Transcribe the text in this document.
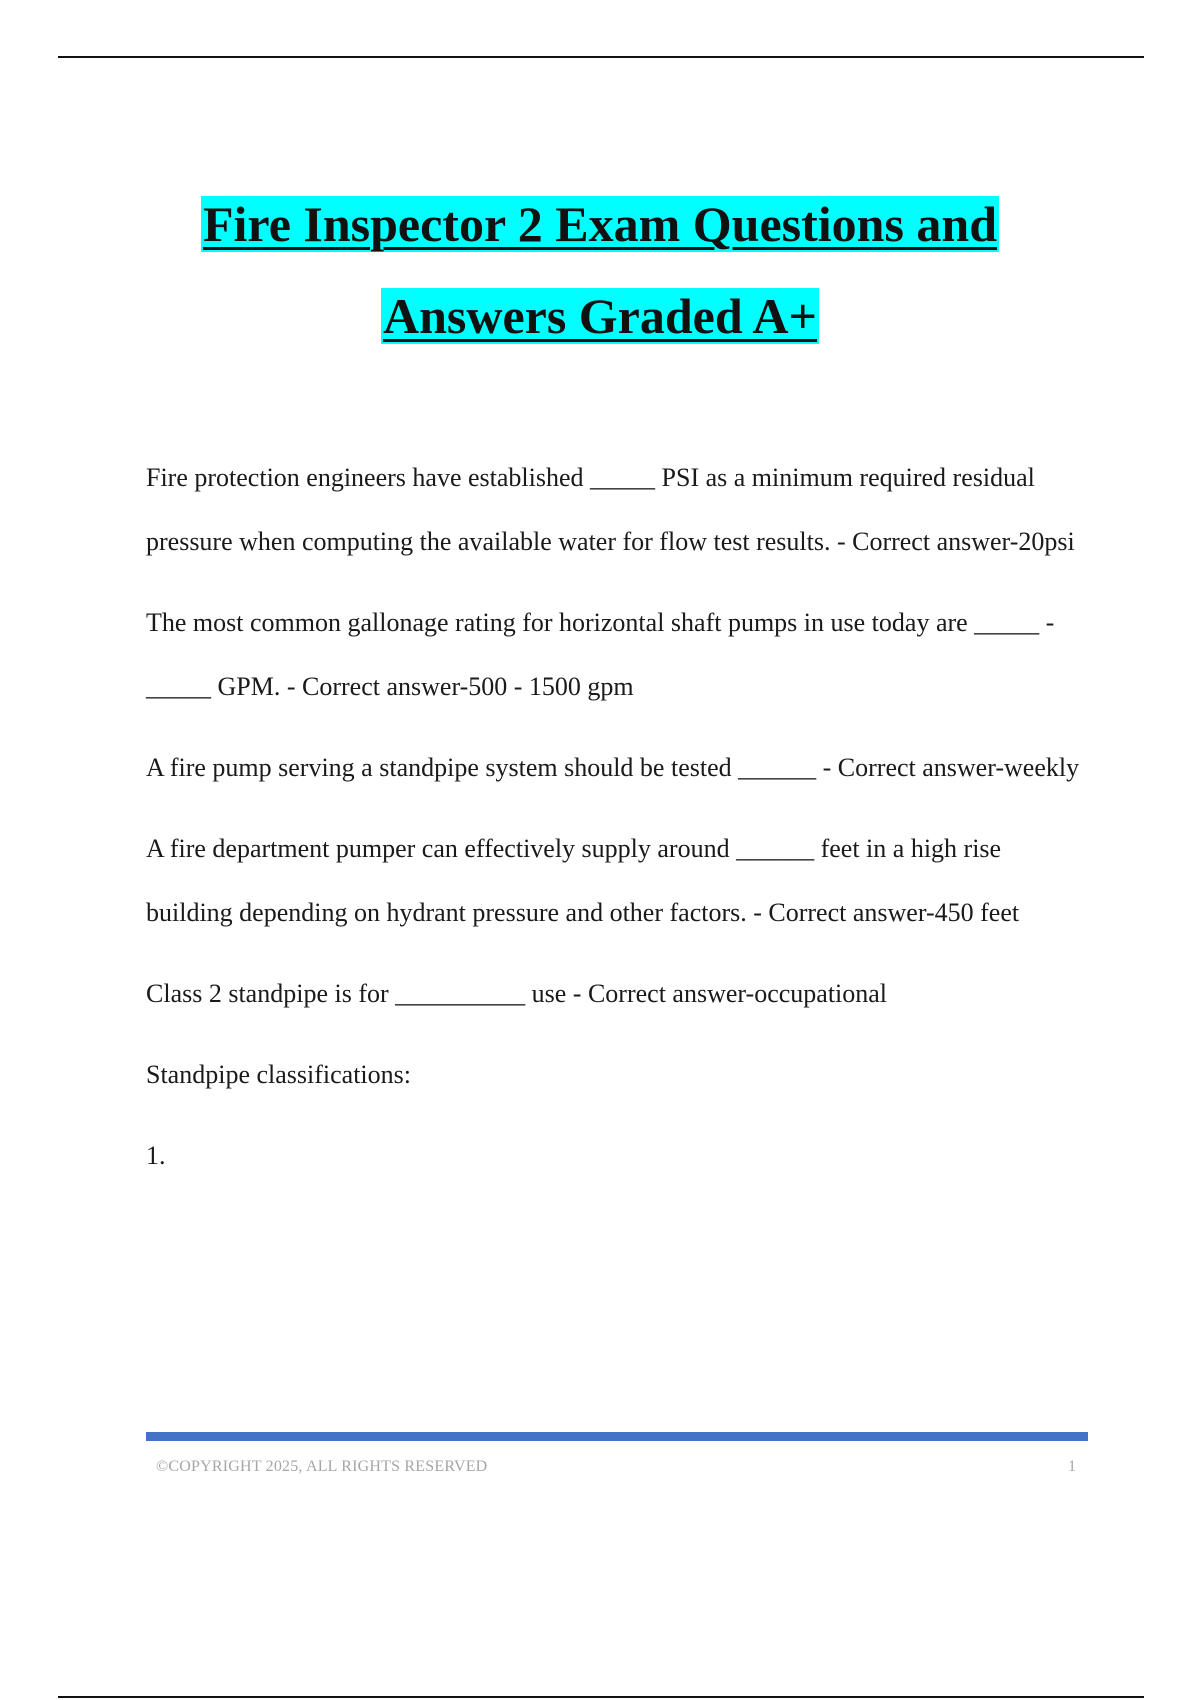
Fire Inspector 2 Exam Questions and
Answers Graded A+

Fire protection engineers have established _____ PSI as a minimum required residual pressure when computing the available water for flow test results. - Correct answer-20psi

The most common gallonage rating for horizontal shaft pumps in use today are _____ - _____ GPM. - Correct answer-500 - 1500 gpm

A fire pump serving a standpipe system should be tested ______ - Correct answer-weekly

A fire department pumper can effectively supply around ______ feet in a high rise building depending on hydrant pressure and other factors. - Correct answer-450 feet

Class 2 standpipe is for __________ use - Correct answer-occupational

Standpipe classifications:

1.

©COPYRIGHT 2025, ALL RIGHTS RESERVED	1
